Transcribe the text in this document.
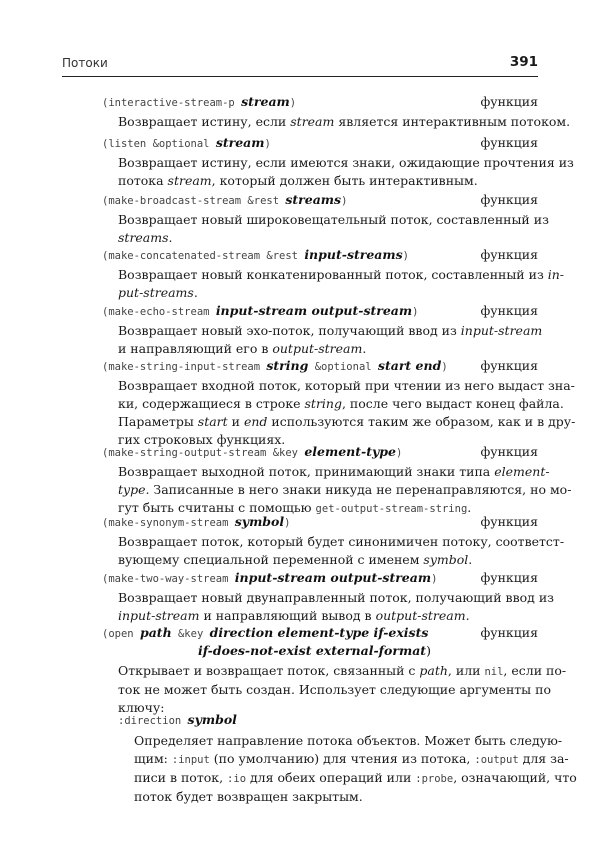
Потоки	391
(interactive-stream-p stream)	функция

Возвращает истину, если stream является интерактивным потоком.

(listen &optional stream)	функция

Возвращает истину, если имеются знаки, ожидающие прочтения из
потока stream, который должен быть интерактивным.

(make-broadcast-stream &rest streams)	функция

Возвращает новый широковещательный поток, составленный из
streams.

(make-concatenated-stream &rest input-streams)	функция

Возвращает новый конкатенированный поток, составленный из in-
put-streams.

(make-echo-stream input-stream output-stream)	функция

Возвращает новый эхо-поток, получающий ввод из input-stream
и направляющий его в output-stream.

(make-string-input-stream string &optional start end)	функция

Возвращает входной поток, который при чтении из него выдаст зна-
ки, содержащиеся в строке string, после чего выдаст конец файла.
Параметры start и end используются таким же образом, как и в дру-
гих строковых функциях.

(make-string-output-stream &key element-type)	функция

Возвращает выходной поток, принимающий знаки типа element-
type. Записанные в него знаки никуда не перенаправляются, но мо-
гут быть считаны с помощью get-output-stream-string.

(make-synonym-stream symbol)	функция

Возвращает поток, который будет синонимичен потоку, соответст-
вующему специальной переменной с именем symbol.

(make-two-way-stream input-stream output-stream)	функция

Возвращает новый двунаправленный поток, получающий ввод из
input-stream и направляющий вывод в output-stream.

(open path &key direction element-type if-exists
if-does-not-exist external-format)
функция

Открывает и возвращает поток, связанный с path, или nil, если по-
ток не может быть создан. Использует следующие аргументы по
ключу:

:direction symbol

Определяет направление потока объектов. Может быть следую-
щим: :input (по умолчанию) для чтения из потока, :output для за-
писи в поток, :io для обеих операций или :probe, означающий, что
поток будет возвращен закрытым.
